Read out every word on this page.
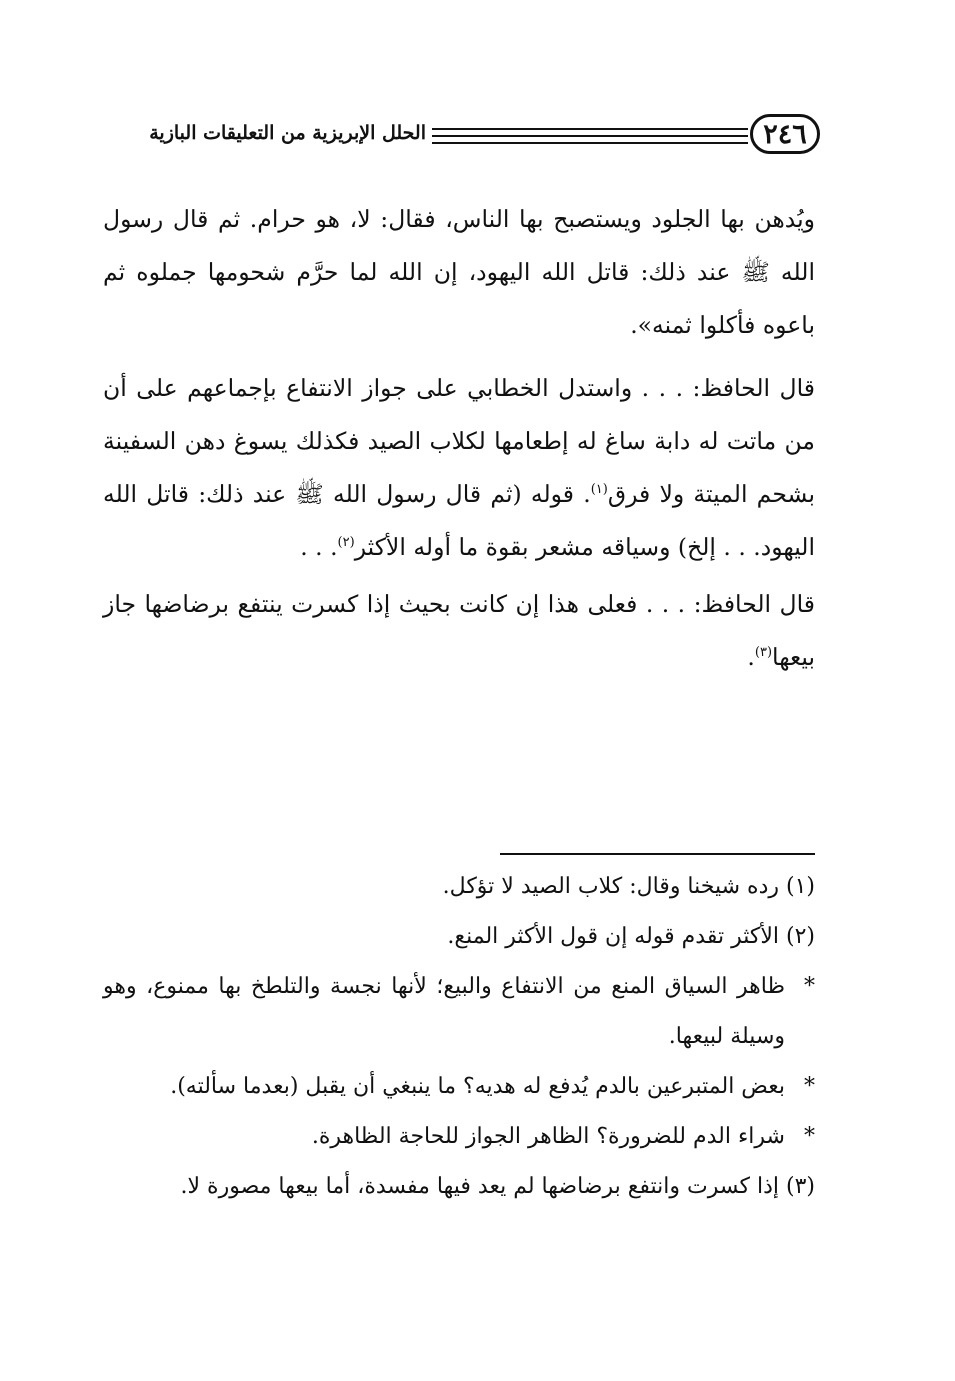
٢٤٦
الحلل الإبريزية من التعليقات البازية

ويُدهن بها الجلود ويستصبح بها الناس، فقال: لا، هو حرام. ثم قال رسول الله ﷺ عند ذلك: قاتل الله اليهود، إن الله لما حرَّم شحومها جملوه ثم باعوه فأكلوا ثمنه».

قال الحافظ: . . . واستدل الخطابي على جواز الانتفاع بإجماعهم على أن من ماتت له دابة ساغ له إطعامها لكلاب الصيد فكذلك يسوغ دهن السفينة بشحم الميتة ولا فرق$^{(١)}$. قوله (ثم قال رسول الله ﷺ عند ذلك: قاتل الله اليهود. . . إلخ) وسياقه مشعر بقوة ما أوله الأكثر$^{(٢)}$. . .

قال الحافظ: . . . فعلى هذا إن كانت بحيث إذا كسرت ينتفع برضاضها جاز بيعها$^{(٣)}$.

(١) رده شيخنا وقال: كلاب الصيد لا تؤكل.

(٢) الأكثر تقدم قوله إن قول الأكثر المنع.

*
ظاهر السياق المنع من الانتفاع والبيع؛ لأنها نجسة والتلطخ بها ممنوع، وهو وسيلة لبيعها.

*
بعض المتبرعين بالدم يُدفع له هديه؟ ما ينبغي أن يقبل (بعدما سألته).

*
شراء الدم للضرورة؟ الظاهر الجواز للحاجة الظاهرة.

(٣) إذا كسرت وانتفع برضاضها لم يعد فيها مفسدة، أما بيعها مصورة لا.
